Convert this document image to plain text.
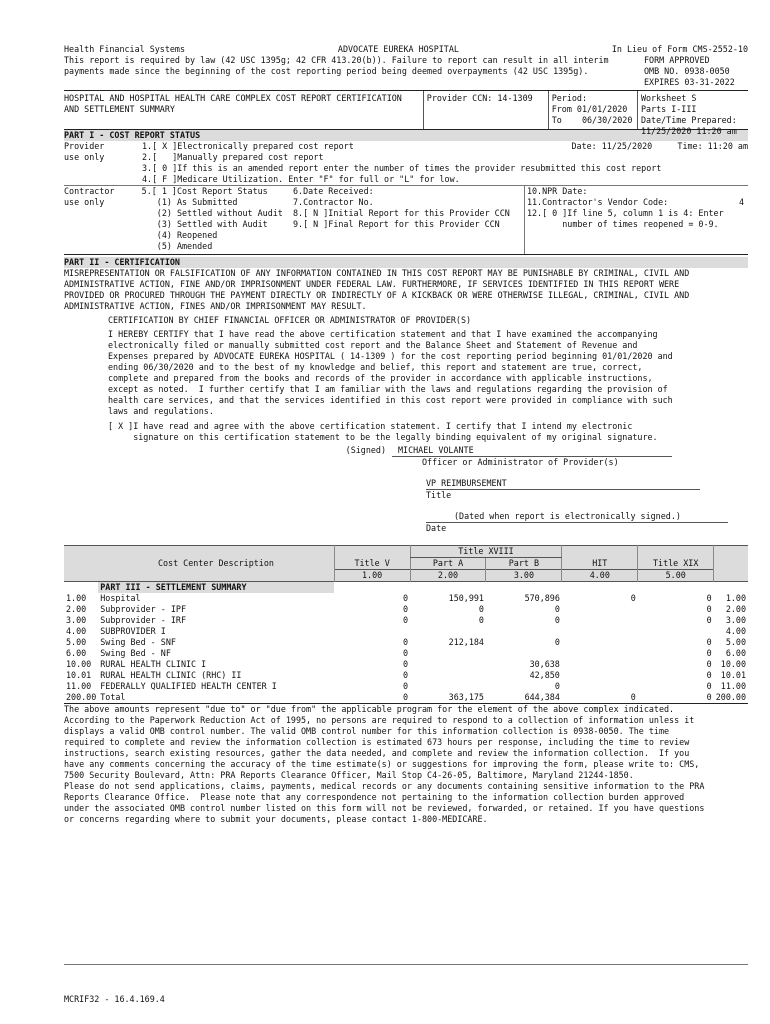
Health Financial Systems	ADVOCATE EUREKA HOSPITAL	In Lieu of Form CMS-2552-10
This report is required by law (42 USC 1395g; 42 CFR 413.20(b)). Failure to report can result in all interim
payments made since the beginning of the cost reporting period being deemed overpayments (42 USC 1395g).
FORM APPROVED
OMB NO. 0938-0050
EXPIRES 03-31-2022
HOSPITAL AND HOSPITAL HEALTH CARE COMPLEX COST REPORT CERTIFICATION
AND SETTLEMENT SUMMARY
Provider CCN: 14-1309	Period:
From 01/01/2020
To    06/30/2020
Worksheet S
Parts I-III
Date/Time Prepared:
11/25/2020 11:20 am
PART I - COST REPORT STATUS
Provider
use only
1.[ X ]Electronically prepared cost report	Date: 11/25/2020     Time: 11:20 am
2.[   ]Manually prepared cost report
3.[ 0 ]If this is an amended report enter the number of times the provider resubmitted this cost report
4.[ F ]Medicare Utilization. Enter "F" for full or "L" for low.
Contractor
use only
5.[ 1 ]Cost Report Status
(1) As Submitted
(2) Settled without Audit
(3) Settled with Audit
(4) Reopened
(5) Amended
6.Date Received:
7.Contractor No.
8.[ N ]Initial Report for this Provider CCN
9.[ N ]Final Report for this Provider CCN
10.NPR Date:
11.Contractor's Vendor Code:	4
12.[ 0 ]If line 5, column 1 is 4: Enter
number of times reopened = 0-9.
PART II - CERTIFICATION
MISREPRESENTATION OR FALSIFICATION OF ANY INFORMATION CONTAINED IN THIS COST REPORT MAY BE PUNISHABLE BY CRIMINAL, CIVIL AND
ADMINISTRATIVE ACTION, FINE AND/OR IMPRISONMENT UNDER FEDERAL LAW. FURTHERMORE, IF SERVICES IDENTIFIED IN THIS REPORT WERE
PROVIDED OR PROCURED THROUGH THE PAYMENT DIRECTLY OR INDIRECTLY OF A KICKBACK OR WERE OTHERWISE ILLEGAL, CRIMINAL, CIVIL AND
ADMINISTRATIVE ACTION, FINES AND/OR IMPRISONMENT MAY RESULT.
CERTIFICATION BY CHIEF FINANCIAL OFFICER OR ADMINISTRATOR OF PROVIDER(S)
I HEREBY CERTIFY that I have read the above certification statement and that I have examined the accompanying
electronically filed or manually submitted cost report and the Balance Sheet and Statement of Revenue and
Expenses prepared by ADVOCATE EUREKA HOSPITAL ( 14-1309 ) for the cost reporting period beginning 01/01/2020 and
ending 06/30/2020 and to the best of my knowledge and belief, this report and statement are true, correct,
complete and prepared from the books and records of the provider in accordance with applicable instructions,
except as noted.  I further certify that I am familiar with the laws and regulations regarding the provision of
health care services, and that the services identified in this cost report were provided in compliance with such
laws and regulations.
[ X ]I have read and agree with the above certification statement. I certify that I intend my electronic
signature on this certification statement to be the legally binding equivalent of my original signature.
(Signed)	MICHAEL VOLANTE
Officer or Administrator of Provider(s)
VP REIMBURSEMENT
Title
(Dated when report is electronically signed.)
Date
			Title XVIII				
	Cost Center Description	Title V	Part A	Part B	HIT	Title XIX	
		1.00	2.00	3.00	4.00	5.00	
	PART III - SETTLEMENT SUMMARY						
1.00	Hospital	0	150,991	570,896	0	0	1.00
2.00	Subprovider - IPF	0	0	0		0	2.00
3.00	Subprovider - IRF	0	0	0		0	3.00
4.00	SUBPROVIDER I						4.00
5.00	Swing Bed - SNF	0	212,184	0		0	5.00
6.00	Swing Bed - NF	0				0	6.00
10.00	RURAL HEALTH CLINIC I	0		30,638		0	10.00
10.01	RURAL HEALTH CLINIC (RHC) II	0		42,850		0	10.01
11.00	FEDERALLY QUALIFIED HEALTH CENTER I	0		0		0	11.00
200.00	Total	0	363,175	644,384	0	0	200.00
The above amounts represent "due to" or "due from" the applicable program for the element of the above complex indicated.
According to the Paperwork Reduction Act of 1995, no persons are required to respond to a collection of information unless it
displays a valid OMB control number. The valid OMB control number for this information collection is 0938-0050. The time
required to complete and review the information collection is estimated 673 hours per response, including the time to review
instructions, search existing resources, gather the data needed, and complete and review the information collection.  If you
have any comments concerning the accuracy of the time estimate(s) or suggestions for improving the form, please write to: CMS,
7500 Security Boulevard, Attn: PRA Reports Clearance Officer, Mail Stop C4-26-05, Baltimore, Maryland 21244-1850.
Please do not send applications, claims, payments, medical records or any documents containing sensitive information to the PRA
Reports Clearance Office.  Please note that any correspondence not pertaining to the information collection burden approved
under the associated OMB control number listed on this form will not be reviewed, forwarded, or retained. If you have questions
or concerns regarding where to submit your documents, please contact 1-800-MEDICARE.
MCRIF32 - 16.4.169.4
